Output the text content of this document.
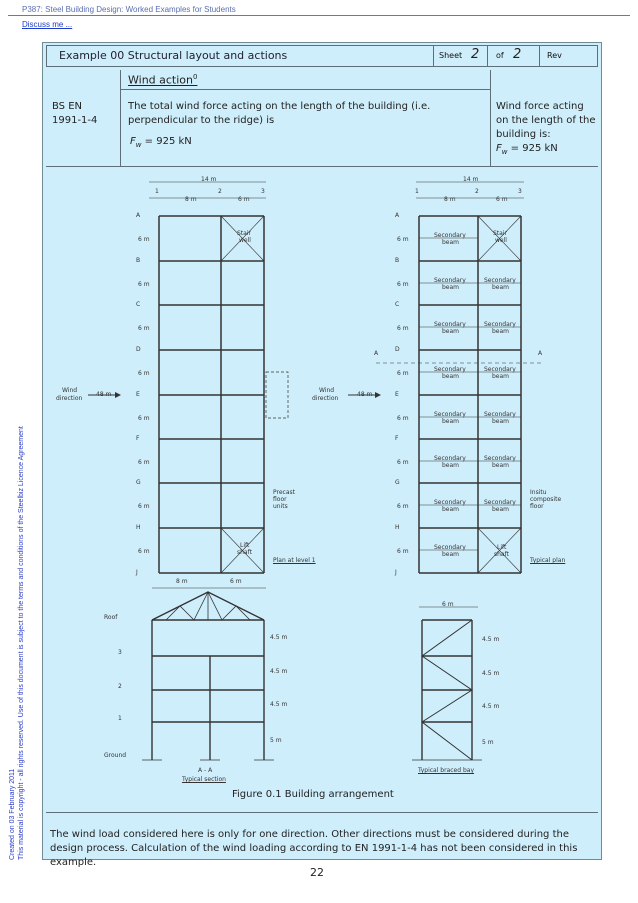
P387: Steel Building Design: Worked Examples for Students
Discuss me ...
Created on 03 February 2011 This material is copyright - all rights reserved. Use of this document is subject to the terms and conditions of the Steelbiz Licence Agreement
Example 00 Structural layout and actions	Sheet 2 of 2	Rev
Wind action$^0$
BS EN
1991-1-4
The total wind force acting on the length of the building (i.e. perpendicular to the ridge) is
$F_w = 925$ kN
Wind force acting on the length of the building is:
$F_w = 925$ kN
14 m
8 m	6 m
1	2	3
A
B
C
D
E
F
G
H
J
6 m
6 m
6 m
6 m
6 m
6 m
6 m
6 m
Wind
direction
48 m
Stair
well
Lift
shaft
Precast
floor
units
Plan at level 1
14 m
8 m	6 m
1	2	3
A
B
C
D
E
F
G
H
J
6 m
6 m
6 m
6 m
6 m
6 m
6 m
6 m
Wind
direction
48 m
A	A
Stair
well
Secondary
beam
Secondary
beam
Secondary
beam
Secondary
beam
Secondary
beam
Secondary
beam
Secondary
beam
Secondary
beam
Secondary
beam
Secondary
beam
Secondary
beam
Secondary
beam
Secondary
beam
Secondary
beam
Lift
shaft
Insitu
composite
floor
Typical plan
8 m	6 m
Roof
3
2
1
Ground
4.5 m
4.5 m
4.5 m
5 m
A - A
Typical section
6 m
4.5 m
4.5 m
4.5 m
5 m
Typical braced bay
Figure 0.1 Building arrangement
The wind load considered here is only for one direction. Other directions must be considered during the design process. Calculation of the wind loading according to EN 1991-1-4 has not been considered in this example.
22
